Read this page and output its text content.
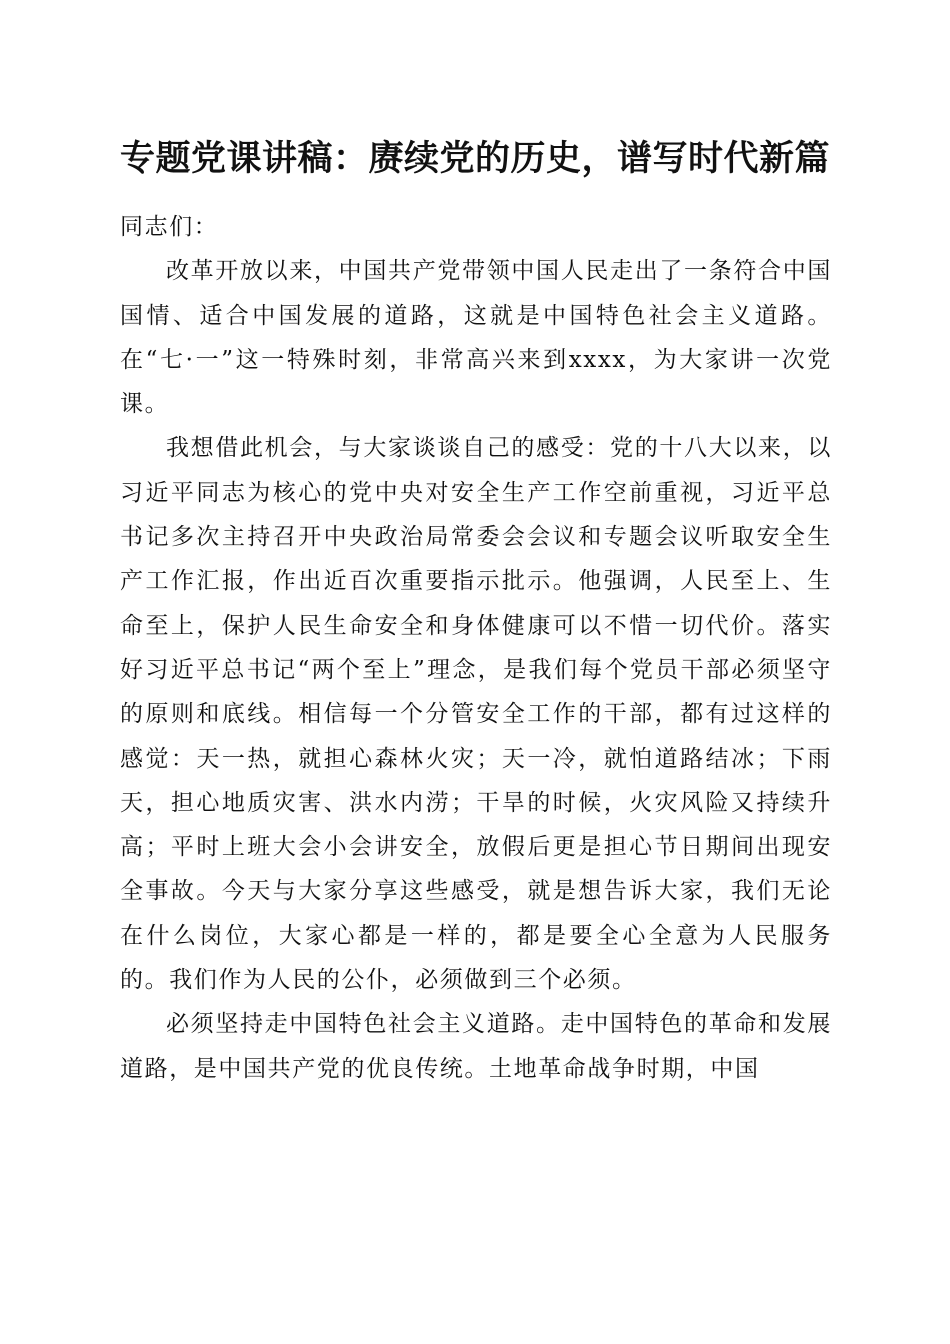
专题党课讲稿：赓续党的历史，谱写时代新篇

同志们：

改革开放以来，中国共产党带领中国人民走出了一条符合中国国情、适合中国发展的道路，这就是中国特色社会主义道路。在“七·一”这一特殊时刻，非常高兴来到xxxx，为大家讲一次党课。

我想借此机会，与大家谈谈自己的感受：党的十八大以来，以习近平同志为核心的党中央对安全生产工作空前重视，习近平总书记多次主持召开中央政治局常委会会议和专题会议听取安全生产工作汇报，作出近百次重要指示批示。他强调，人民至上、生命至上，保护人民生命安全和身体健康可以不惜一切代价。落实好习近平总书记“两个至上”理念，是我们每个党员干部必须坚守的原则和底线。相信每一个分管安全工作的干部，都有过这样的感觉：天一热，就担心森林火灾；天一冷，就怕道路结冰；下雨天，担心地质灾害、洪水内涝；干旱的时候，火灾风险又持续升高；平时上班大会小会讲安全，放假后更是担心节日期间出现安全事故。今天与大家分享这些感受，就是想告诉大家，我们无论在什么岗位，大家心都是一样的，都是要全心全意为人民服务的。我们作为人民的公仆，必须做到三个必须。

必须坚持走中国特色社会主义道路。走中国特色的革命和发展道路，是中国共产党的优良传统。土地革命战争时期，中国
